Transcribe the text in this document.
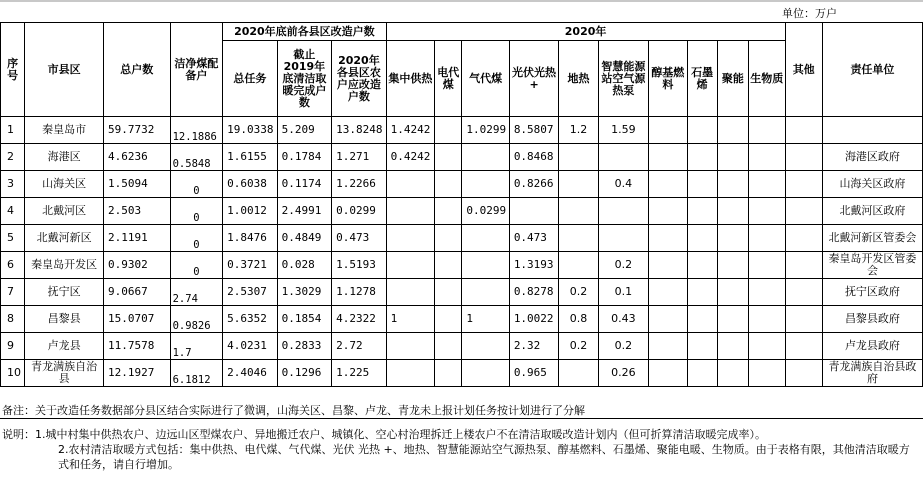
单位：万户
序号	市县区	总户数	洁净煤配备户	2020年底前各县区改造户数			2020年										其他	责任单位
				总任务	截止2019年底清洁取暖完成户数	2020年各县区农户应改造户数	集中供热	电代煤	气代煤	光伏光热+	地热	智慧能源站空气源热泵	醇基燃料	石墨烯	聚能	生物质		
1	秦皇岛市	59.7732	12.1886	19.0338	5.209	13.8248	1.4242		1.0299	8.5807	1.2	1.59						
2	海港区	4.6236	0.5848	1.6155	0.1784	1.271	0.4242			0.8468								海港区政府
3	山海关区	1.5094	0	0.6038	0.1174	1.2266				0.8266		0.4						山海关区政府
4	北戴河区	2.503	0	1.0012	2.4991	0.0299			0.0299									北戴河区政府
5	北戴河新区	2.1191	0	1.8476	0.4849	0.473				0.473								北戴河新区管委会
6	秦皇岛开发区	0.9302	0	0.3721	0.028	1.5193				1.3193		0.2						秦皇岛开发区管委会
7	抚宁区	9.0667	2.74	2.5307	1.3029	1.1278				0.8278	0.2	0.1						抚宁区政府
8	昌黎县	15.0707	0.9826	5.6352	0.1854	4.2322	1		1	1.0022	0.8	0.43						昌黎县政府
9	卢龙县	11.7578	1.7	4.0231	0.2833	2.72				2.32	0.2	0.2						卢龙县政府
10	青龙满族自治县	12.1927	6.1812	2.4046	0.1296	1.225				0.965		0.26						青龙满族自治县政府
备注：关于改造任务数据部分县区结合实际进行了微调，山海关区、昌黎、卢龙、青龙未上报计划任务按计划进行了分解
说明：1.城中村集中供热农户、边远山区型煤农户、异地搬迁农户、城镇化、空心村治理拆迁上楼农户不在清洁取暖改造计划内（但可折算清洁取暖完成率）。
2.农村清洁取暖方式包括：集中供热、电代煤、气代煤、光伏 光热 +、地热、智慧能源站空气源热泵、醇基燃料、石墨烯、聚能电暖、生物质。由于表格有限，其他清洁取暖方式和任务，请自行增加。
